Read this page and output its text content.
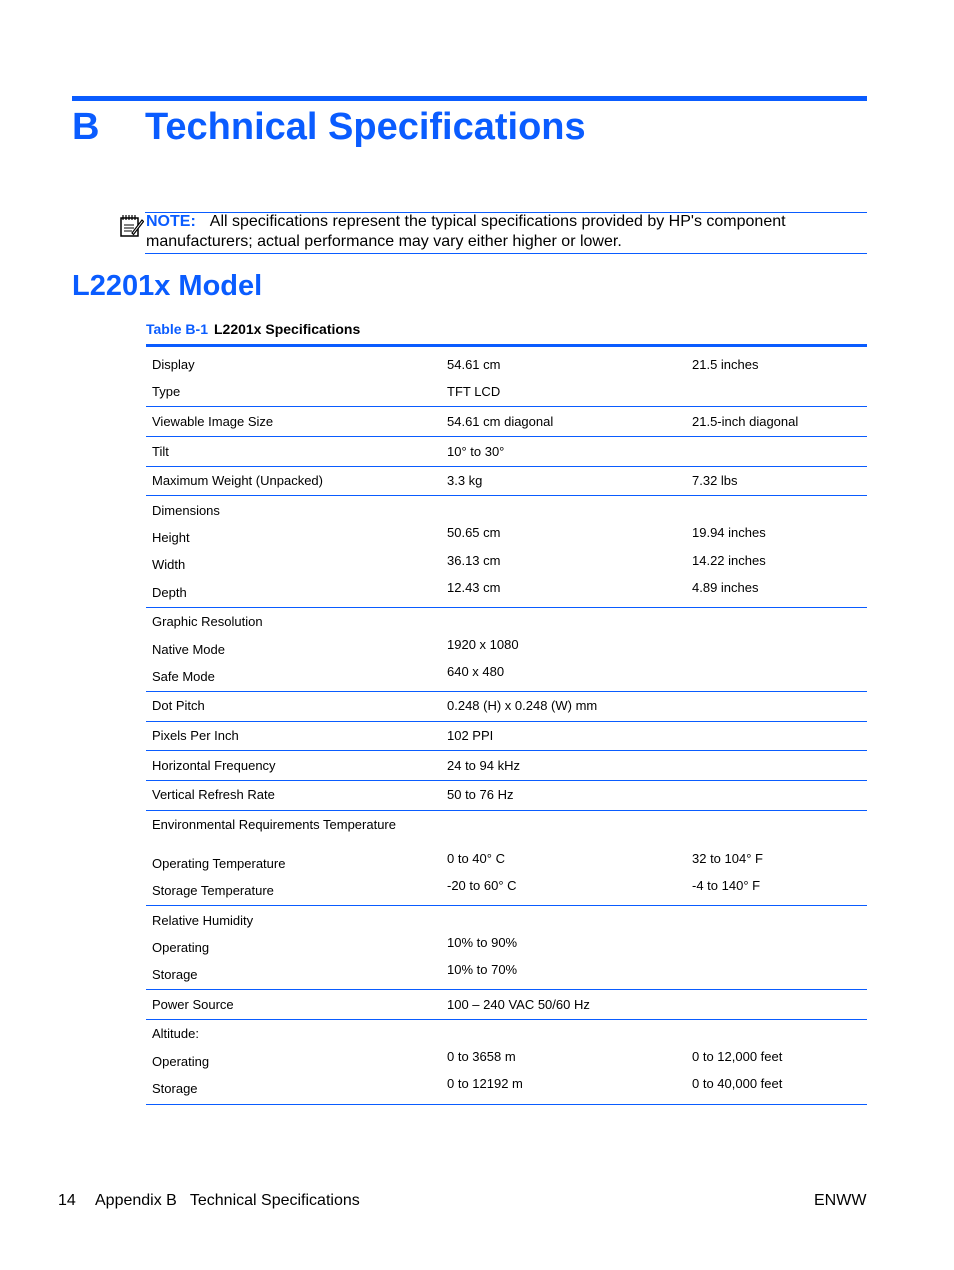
B Technical Specifications
NOTE: All specifications represent the typical specifications provided by HP's component manufacturers; actual performance may vary either higher or lower.
L2201x Model
Table B-1 L2201x Specifications
Display	54.61 cm	21.5 inches
Type	TFT LCD
Viewable Image Size	54.61 cm diagonal	21.5-inch diagonal
Tilt	10° to 30°
Maximum Weight (Unpacked)	3.3 kg	7.32 lbs
Dimensions
Height	50.65 cm	19.94 inches
Width	36.13 cm	14.22 inches
Depth	12.43 cm	4.89 inches
Graphic Resolution
Native Mode	1920 x 1080
Safe Mode	640 x 480
Dot Pitch	0.248 (H) x 0.248 (W) mm
Pixels Per Inch	102 PPI
Horizontal Frequency	24 to 94 kHz
Vertical Refresh Rate	50 to 76 Hz
Environmental Requirements Temperature
Operating Temperature	0 to 40° C	32 to 104° F
Storage Temperature	-20 to 60° C	-4 to 140° F
Relative Humidity
Operating	10% to 90%
Storage	10% to 70%
Power Source	100 – 240 VAC 50/60 Hz
Altitude:
Operating	0 to 3658 m	0 to 12,000 feet
Storage	0 to 12192 m	0 to 40,000 feet
14 Appendix B   Technical Specifications	ENWW
